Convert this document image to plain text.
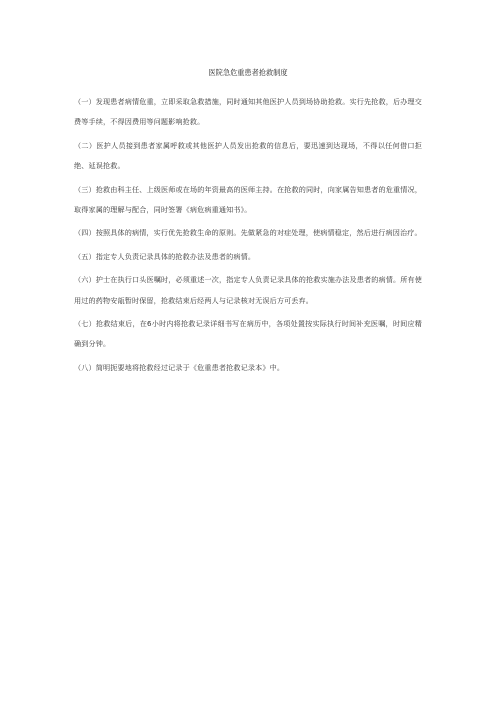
医院急危重患者抢救制度

（一）发现患者病情危重，立即采取急救措施，同时通知其他医护人员到场协助抢救。实行先抢救，后办理交费等手续，不得因费用等问题影响抢救。

（二）医护人员接到患者家属呼救或其他医护人员发出抢救的信息后，要迅速到达现场，不得以任何借口拒绝、延误抢救。

（三）抢救由科主任、上级医师或在场的年资最高的医师主持。在抢救的同时，向家属告知患者的危重情况，取得家属的理解与配合，同时签署《病危病重通知书》。

（四）按照具体的病情，实行优先抢救生命的原则。先做紧急的对症处理，使病情稳定，然后进行病因治疗。

（五）指定专人负责记录具体的抢救办法及患者的病情。

（六）护士在执行口头医嘱时，必须重述一次，指定专人负责记录具体的抢救实施办法及患者的病情。所有使用过的药物安瓿暂时保留，抢救结束后经两人与记录核对无误后方可丢弃。

（七）抢救结束后，在6小时内将抢救记录详细书写在病历中，各项处置按实际执行时间补充医嘱，时间应精确到分钟。

（八）简明扼要地将抢救经过记录于《危重患者抢救记录本》中。
